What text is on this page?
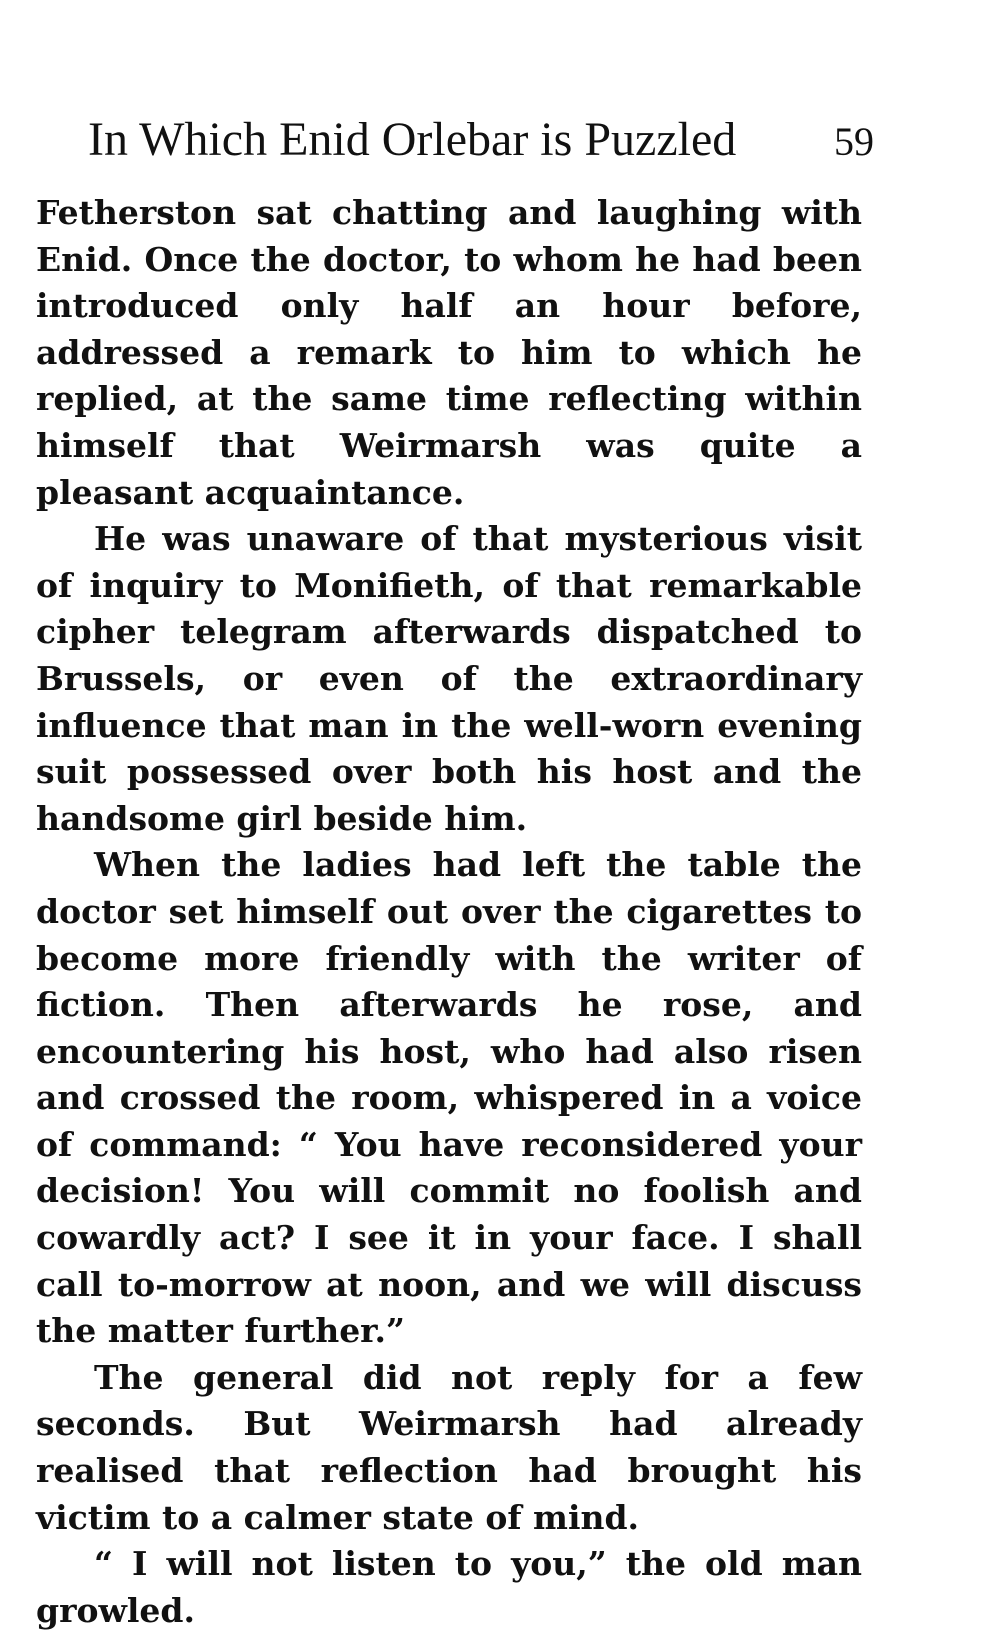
In Which Enid Orlebar is Puzzled 59

Fetherston sat chatting and laughing with Enid. Once the doctor, to whom he had been introduced only half an hour before, addressed a remark to him to which he replied, at the same time reflecting within himself that Weirmarsh was quite a pleasant acquaintance.

He was unaware of that mysterious visit of inquiry to Monifieth, of that remarkable cipher telegram afterwards dispatched to Brussels, or even of the extraordinary influence that man in the well-worn evening suit possessed over both his host and the handsome girl beside him.

When the ladies had left the table the doctor set himself out over the cigarettes to become more friendly with the writer of fiction. Then afterwards he rose, and encountering his host, who had also risen and crossed the room, whispered in a voice of command: “ You have reconsidered your decision! You will commit no foolish and cowardly act? I see it in your face. I shall call to-morrow at noon, and we will discuss the matter further.”

The general did not reply for a few seconds. But Weirmarsh had already realised that reflection had brought his victim to a calmer state of mind.

“ I will not listen to you,” the old man growled.
